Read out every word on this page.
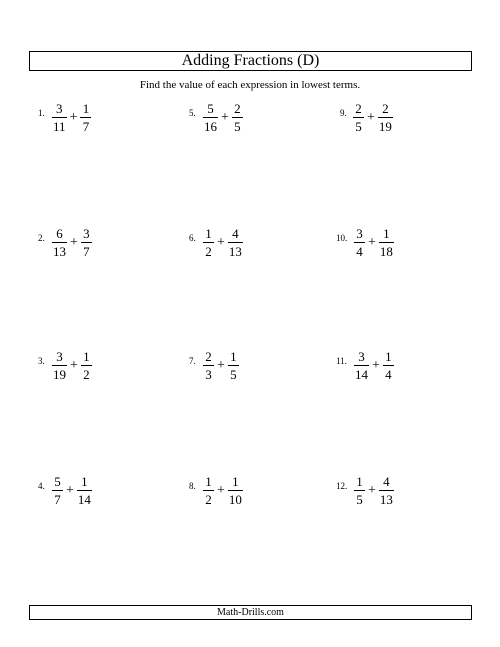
Adding Fractions (D)
Find the value of each expression in lowest terms.
1. $\frac{3}{11} + \frac{1}{7}$
2. $\frac{6}{13} + \frac{3}{7}$
3. $\frac{3}{19} + \frac{1}{2}$
4. $\frac{5}{7} + \frac{1}{14}$
5. $\frac{5}{16} + \frac{2}{5}$
6. $\frac{1}{2} + \frac{4}{13}$
7. $\frac{2}{3} + \frac{1}{5}$
8. $\frac{1}{2} + \frac{1}{10}$
9. $\frac{2}{5} + \frac{2}{19}$
10. $\frac{3}{4} + \frac{1}{18}$
11. $\frac{3}{14} + \frac{1}{4}$
12. $\frac{1}{5} + \frac{4}{13}$
Math-Drills.com
